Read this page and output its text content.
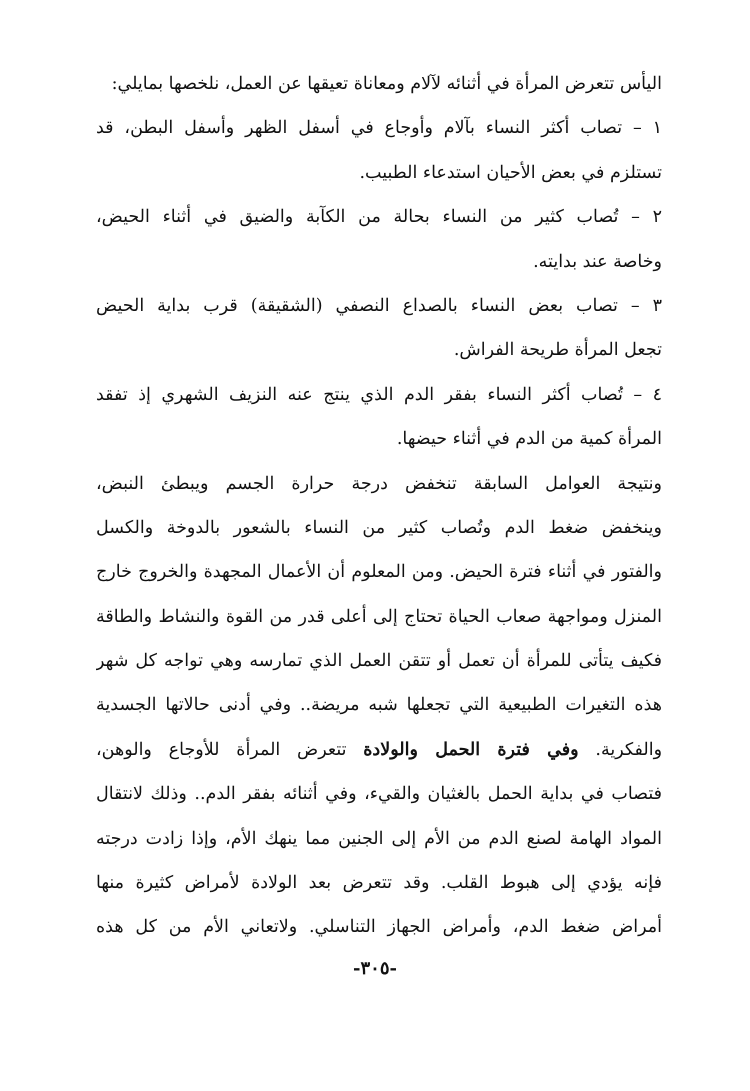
اليأس تتعرض المرأة في أثنائه لآلام ومعاناة تعيقها عن العمل، نلخصها بمايلي:
١ً – تصاب أكثر النساء بآلام وأوجاع في أسفل الظهر وأسفل البطن، قد
تستلزم في بعض الأحيان استدعاء الطبيب.
٢ً – تُصاب كثير من النساء بحالة من الكآبة والضيق في أثناء الحيض،
وخاصة عند بدايته.
٣ً – تصاب بعض النساء بالصداع النصفي (الشقيقة) قرب بداية الحيض
تجعل المرأة طريحة الفراش.
٤ً – تُصاب أكثر النساء بفقر الدم الذي ينتج عنه النزيف الشهري إذ تفقد
المرأة كمية من الدم في أثناء حيضها.
ونتيجة العوامل السابقة تنخفض درجة حرارة الجسم ويبطئ النبض،
وينخفض ضغط الدم وتُصاب كثير من النساء بالشعور بالدوخة والكسل
والفتور في أثناء فترة الحيض. ومن المعلوم أن الأعمال المجهدة والخروج خارج
المنزل ومواجهة صعاب الحياة تحتاج إلى أعلى قدر من القوة والنشاط والطاقة
فكيف يتأتى للمرأة أن تعمل أو تتقن العمل الذي تمارسه وهي تواجه كل شهر
هذه التغيرات الطبيعية التي تجعلها شبه مريضة.. وفي أدنى حالاتها الجسدية
والفكرية. وفي فترة الحمل والولادة تتعرض المرأة للأوجاع والوهن،
فتصاب في بداية الحمل بالغثيان والقيء، وفي أثنائه بفقر الدم.. وذلك لانتقال
المواد الهامة لصنع الدم من الأم إلى الجنين مما ينهك الأم، وإذا زادت درجته
فإنه يؤدي إلى هبوط القلب. وقد تتعرض بعد الولادة لأمراض كثيرة منها
أمراض ضغط الدم، وأمراض الجهاز التناسلي. ولاتعاني الأم من كل هذه
-٣٠٥-
